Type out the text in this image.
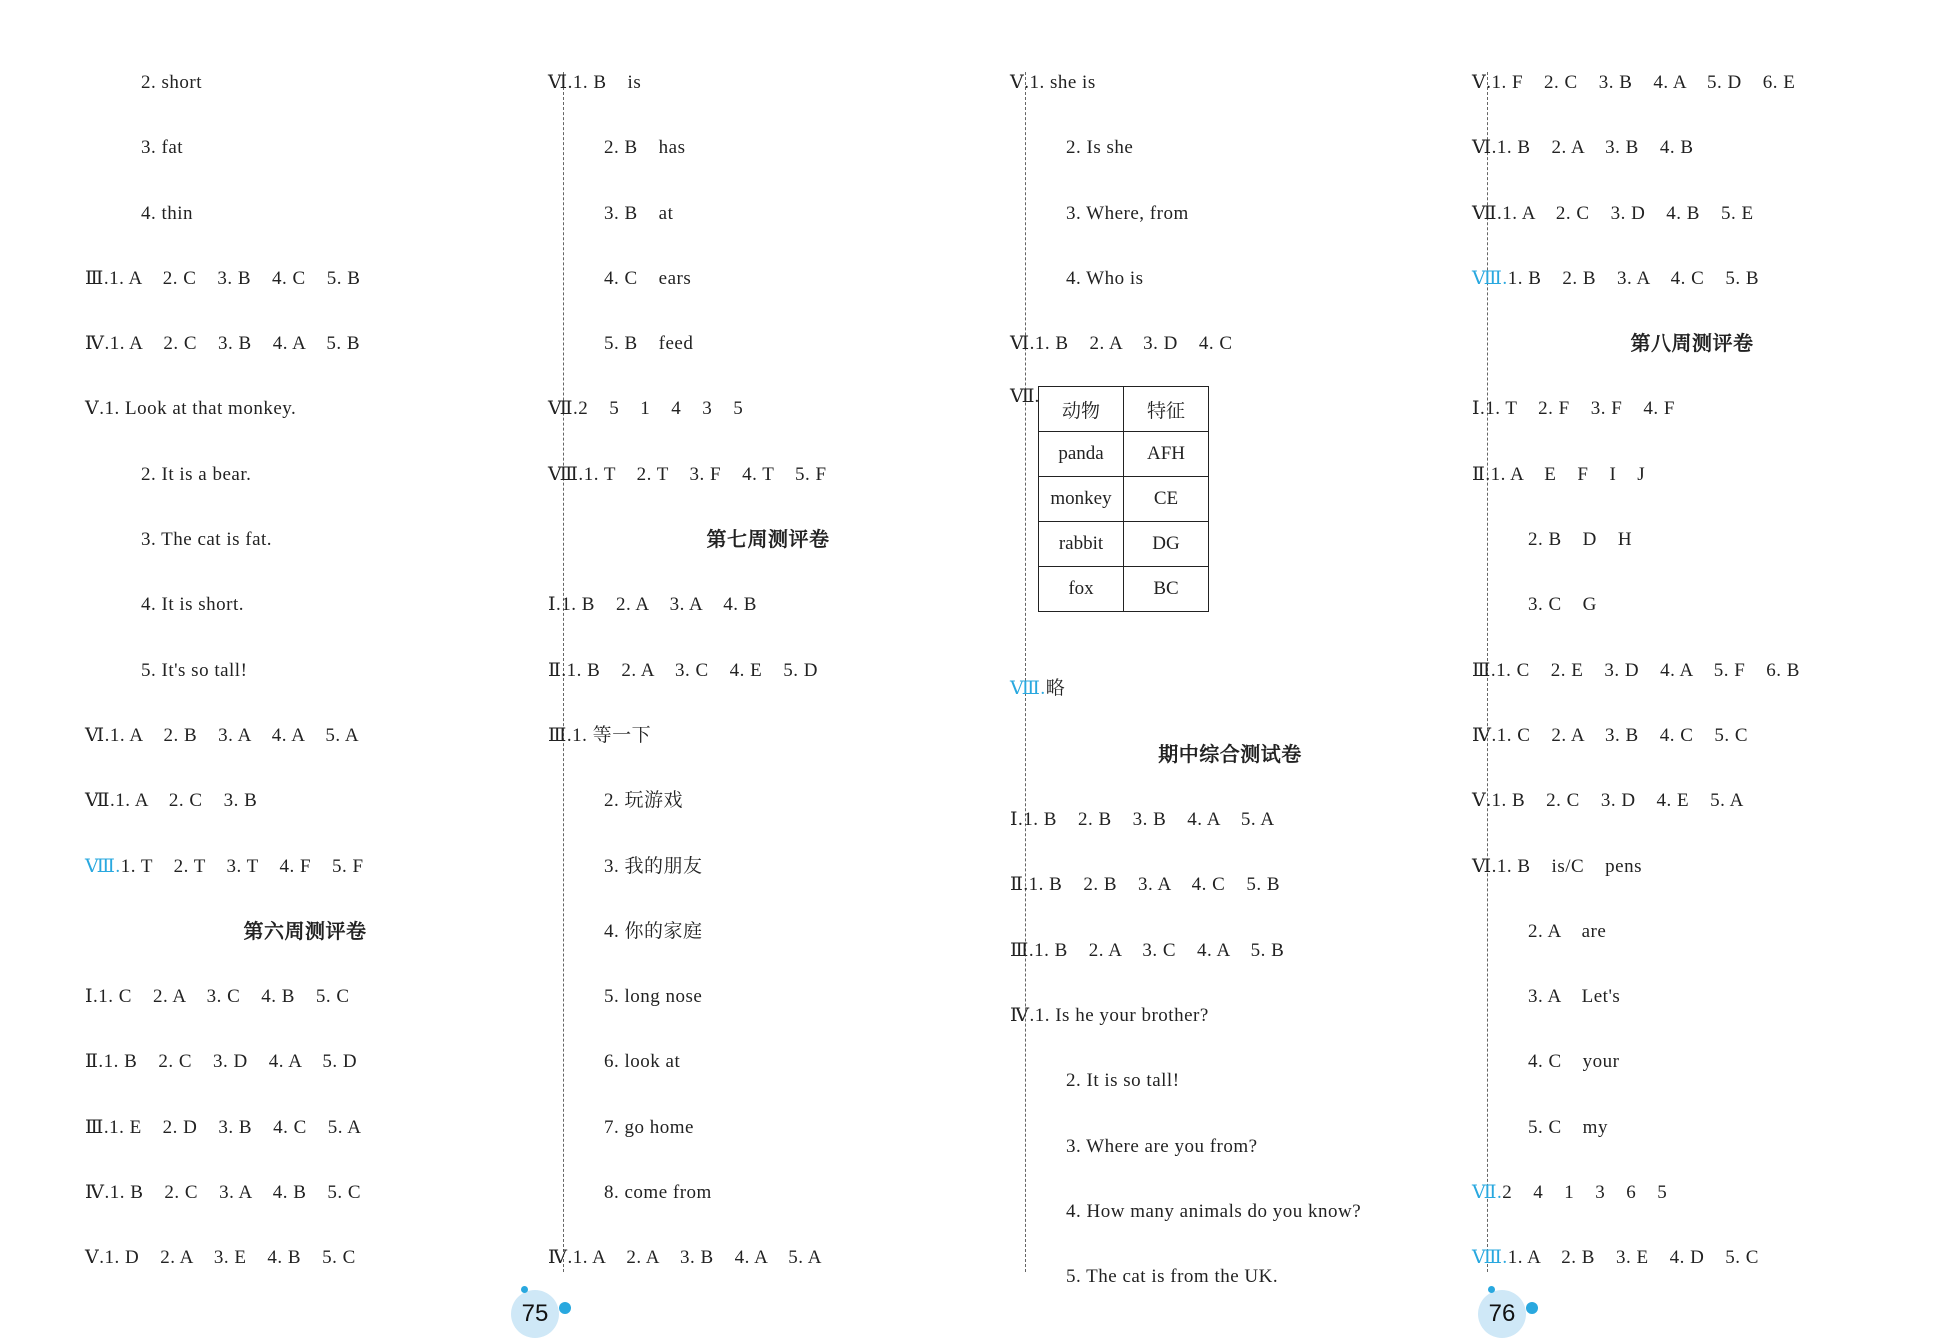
2. short
3. fat
4. thin
Ⅲ.1. A    2. C    3. B    4. C    5. B
Ⅳ.1. A    2. C    3. B    4. A    5. B
Ⅴ.1. Look at that monkey.
2. It is a bear.
3. The cat is fat.
4. It is short.
5. It's so tall!
Ⅵ.1. A    2. B    3. A    4. A    5. A
Ⅶ.1. A    2. C    3. B
Ⅷ.1. T    2. T    3. T    4. F    5. F
第六周测评卷
Ⅰ.1. C    2. A    3. C    4. B    5. C
Ⅱ.1. B    2. C    3. D    4. A    5. D
Ⅲ.1. E    2. D    3. B    4. C    5. A
Ⅳ.1. B    2. C    3. A    4. B    5. C
Ⅴ.1. D    2. A    3. E    4. B    5. C
Ⅵ.1. B    is
2. B    has
3. B    at
4. C    ears
5. B    feed
Ⅶ.2    5    1    4    3    5
Ⅷ.1. T    2. T    3. F    4. T    5. F
第七周测评卷
Ⅰ.1. B    2. A    3. A    4. B
Ⅱ.1. B    2. A    3. C    4. E    5. D
Ⅲ.1. 等一下
2. 玩游戏
3. 我的朋友
4. 你的家庭
5. long nose
6. look at
7. go home
8. come from
Ⅳ.1. A    2. A    3. B    4. A    5. A
Ⅴ.1. she is
2. Is she
3. Where, from
4. Who is
Ⅵ.1. B    2. A    3. D    4. C
Ⅶ.
动物	特征
panda	AFH
monkey	CE
rabbit	DG
fox	BC
Ⅷ.略
期中综合测试卷
Ⅰ.1. B    2. B    3. B    4. A    5. A
Ⅱ.1. B    2. B    3. A    4. C    5. B
Ⅲ.1. B    2. A    3. C    4. A    5. B
Ⅳ.1. Is he your brother?
2. It is so tall!
3. Where are you from?
4. How many animals do you know?
5. The cat is from the UK.
Ⅴ.1. F    2. C    3. B    4. A    5. D    6. E
Ⅵ.1. B    2. A    3. B    4. B
Ⅶ.1. A    2. C    3. D    4. B    5. E
Ⅷ.1. B    2. B    3. A    4. C    5. B
第八周测评卷
Ⅰ.1. T    2. F    3. F    4. F
Ⅱ.1. A    E    F    I    J
2. B    D    H
3. C    G
Ⅲ.1. C    2. E    3. D    4. A    5. F    6. B
Ⅳ.1. C    2. A    3. B    4. C    5. C
Ⅴ.1. B    2. C    3. D    4. E    5. A
Ⅵ.1. B    is/C    pens
2. A    are
3. A    Let's
4. C    your
5. C    my
Ⅶ.2    4    1    3    6    5
Ⅷ.1. A    2. B    3. E    4. D    5. C
75	76
